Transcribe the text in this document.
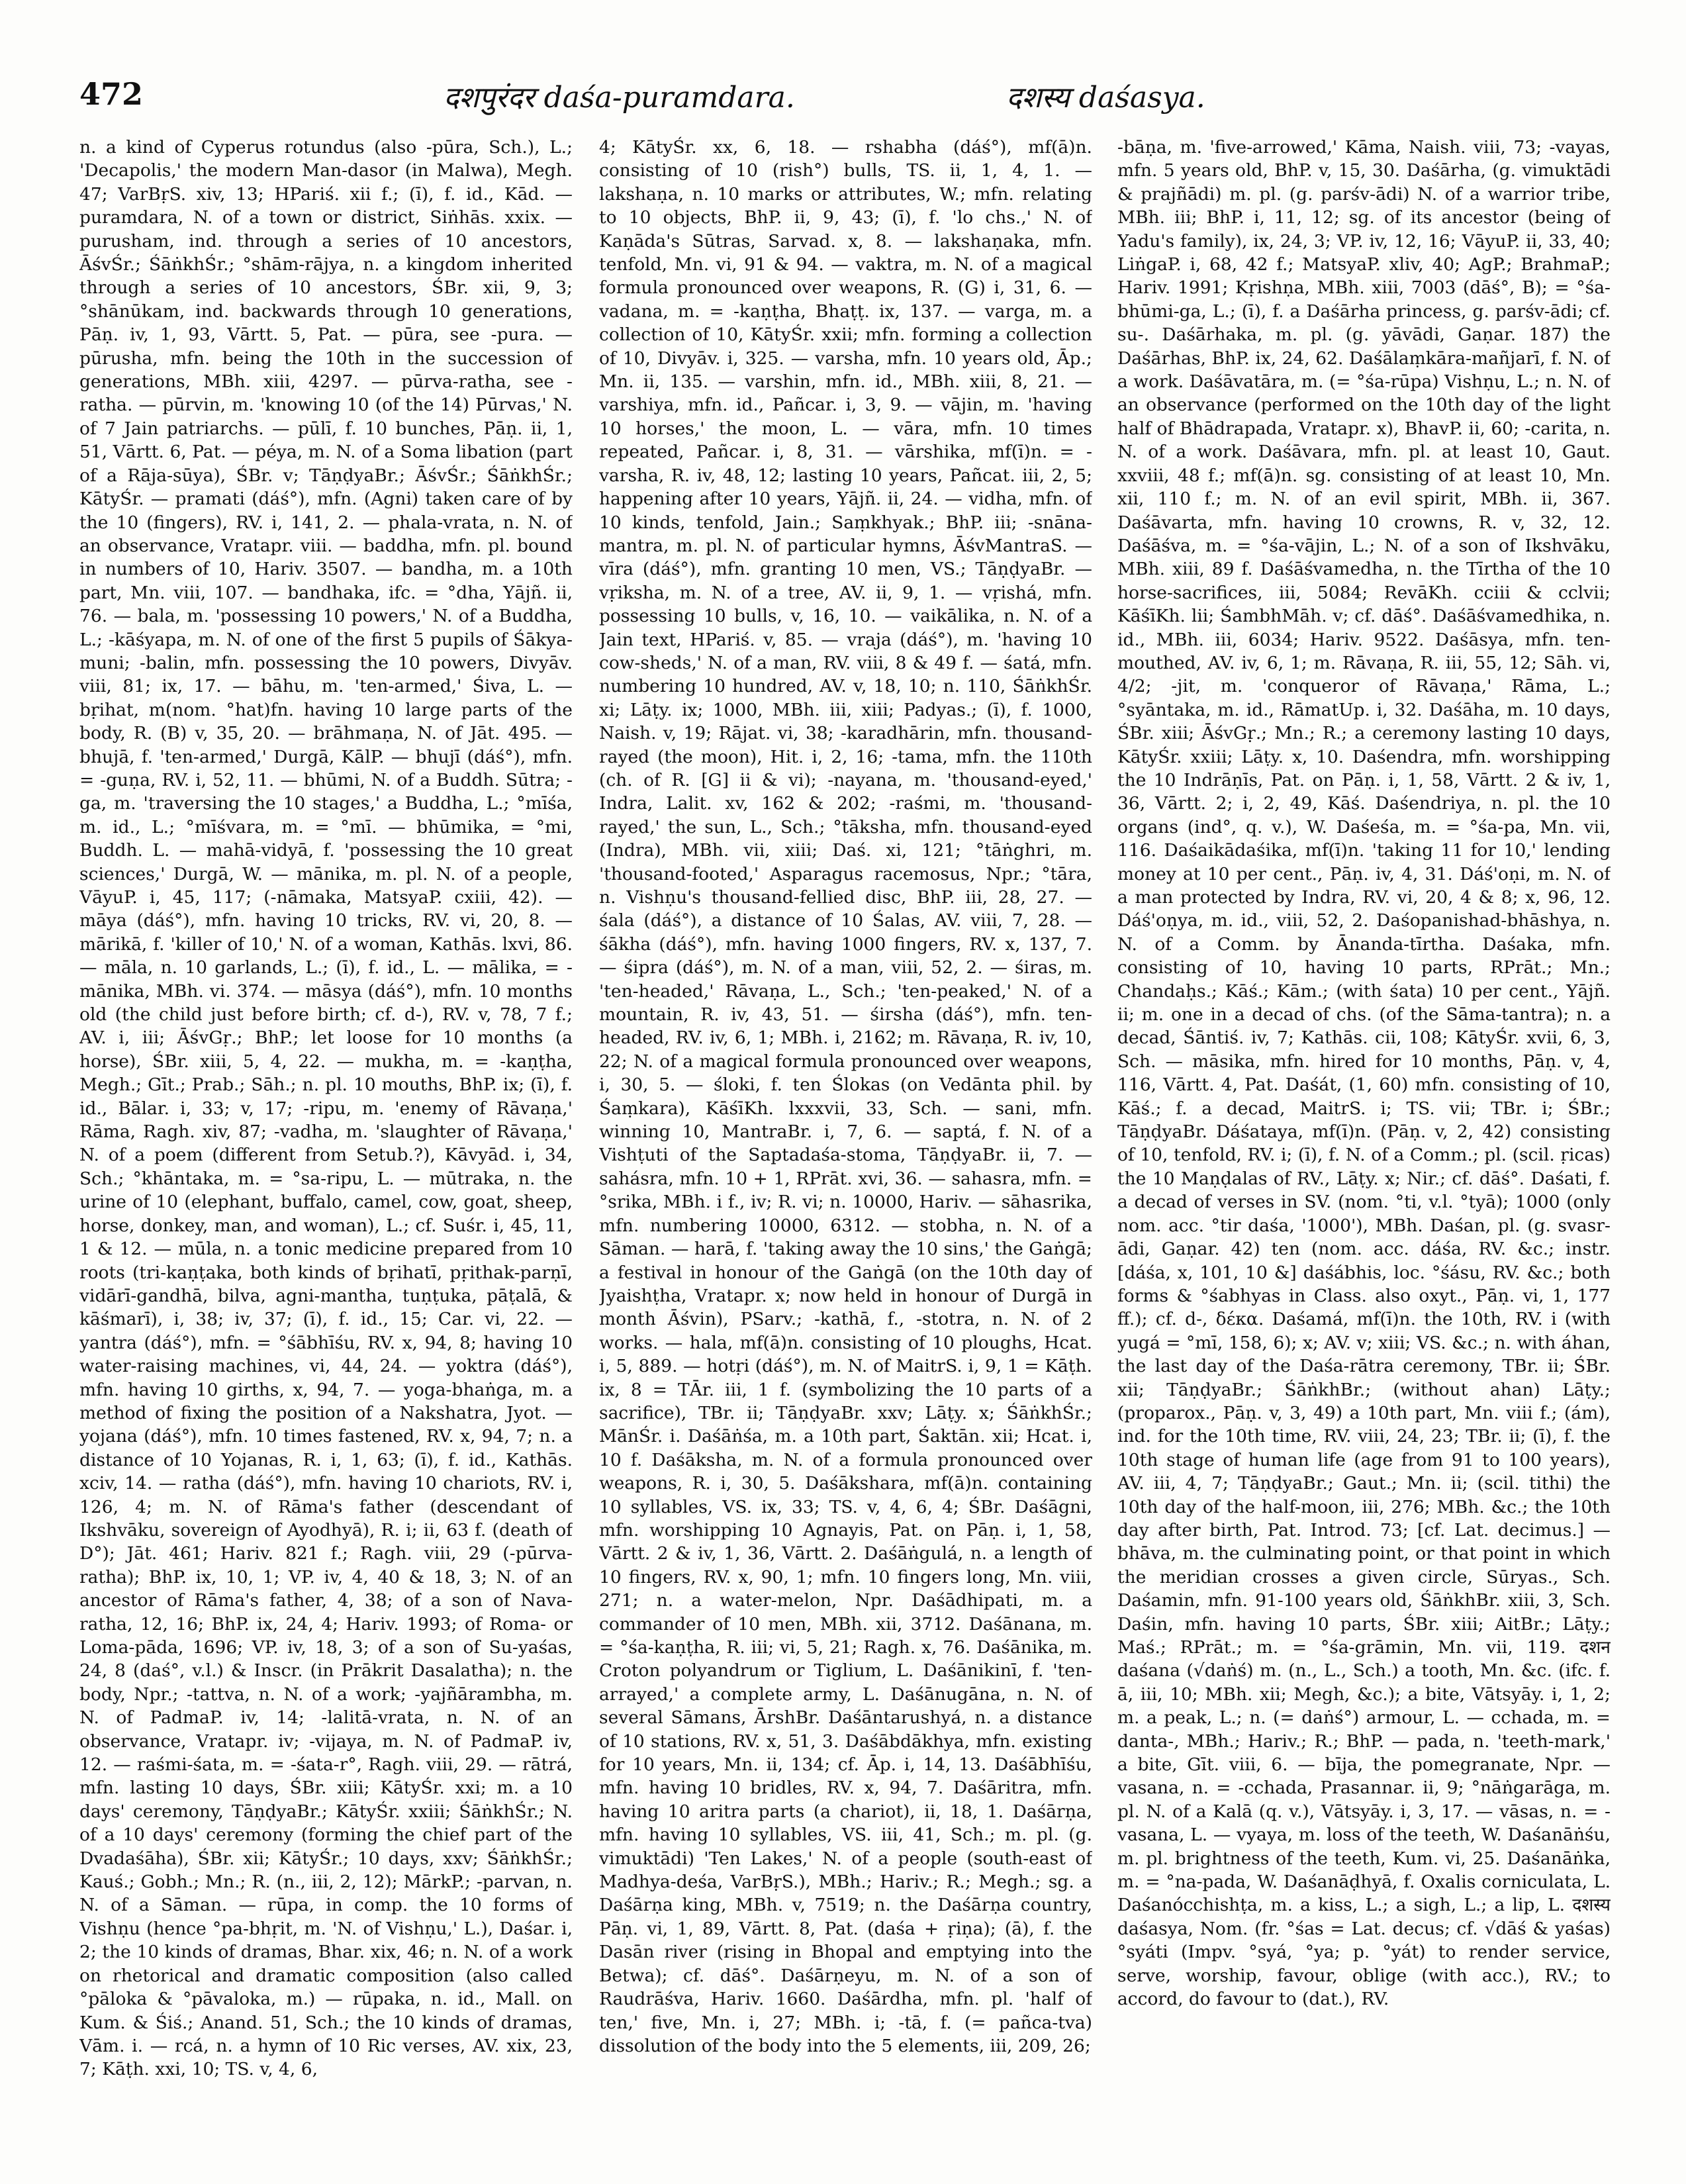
472	दशपुरंदर daśa-puramdara.	दशस्य daśasya.

n. a kind of Cyperus rotundus (also -pūra, Sch.), L.; 'Decapolis,' the modern Man-dasor (in Malwa), Megh. 47; VarBṛS. xiv, 13; HPariś. xii f.; (ī), f. id., Kād. — puramdara, N. of a town or district, Siṅhās. xxix. — purusham, ind. through a series of 10 ancestors, ĀśvŚr.; ŚāṅkhŚr.; °shām-rājya, n. a kingdom inherited through a series of 10 ancestors, ŚBr. xii, 9, 3; °shānūkam, ind. backwards through 10 generations, Pāṇ. iv, 1, 93, Vārtt. 5, Pat. — pūra, see -pura. — pūrusha, mfn. being the 10th in the succession of generations, MBh. xiii, 4297. — pūrva-ratha, see -ratha. — pūrvin, m. 'knowing 10 (of the 14) Pūrvas,' N. of 7 Jain patriarchs. — pūlī, f. 10 bunches, Pāṇ. ii, 1, 51, Vārtt. 6, Pat. — péya, m. N. of a Soma libation (part of a Rāja-sūya), ŚBr. v; TāṇḍyaBr.; ĀśvŚr.; ŚāṅkhŚr.; KātyŚr. — pramati (dáś°), mfn. (Agni) taken care of by the 10 (fingers), RV. i, 141, 2. — phala-vrata, n. N. of an observance, Vratapr. viii. — baddha, mfn. pl. bound in numbers of 10, Hariv. 3507. — bandha, m. a 10th part, Mn. viii, 107. — bandhaka, ifc. = °dha, Yājñ. ii, 76. — bala, m. 'possessing 10 powers,' N. of a Buddha, L.; -kāśyapa, m. N. of one of the first 5 pupils of Śākya-muni; -balin, mfn. possessing the 10 powers, Divyāv. viii, 81; ix, 17. — bāhu, m. 'ten-armed,' Śiva, L. — bṛihat, m(nom. °hat)fn. having 10 large parts of the body, R. (B) v, 35, 20. — brāhmaṇa, N. of Jāt. 495. — bhujā, f. 'ten-armed,' Durgā, KālP. — bhujī (dáś°), mfn. = -guṇa, RV. i, 52, 11. — bhūmi, N. of a Buddh. Sūtra; -ga, m. 'traversing the 10 stages,' a Buddha, L.; °mīśa, m. id., L.; °mīśvara, m. = °mī. — bhūmika, = °mi, Buddh. L. — mahā-vidyā, f. 'possessing the 10 great sciences,' Durgā, W. — mānika, m. pl. N. of a people, VāyuP. i, 45, 117; (-nāmaka, MatsyaP. cxiii, 42). — māya (dáś°), mfn. having 10 tricks, RV. vi, 20, 8. — mārikā, f. 'killer of 10,' N. of a woman, Kathās. lxvi, 86. — māla, n. 10 garlands, L.; (ī), f. id., L. — mālika, = -mānika, MBh. vi. 374. — māsya (dáś°), mfn. 10 months old (the child just before birth; cf. d-), RV. v, 78, 7 f.; AV. i, iii; ĀśvGṛ.; BhP.; let loose for 10 months (a horse), ŚBr. xiii, 5, 4, 22. — mukha, m. = -kaṇṭha, Megh.; Gīt.; Prab.; Sāh.; n. pl. 10 mouths, BhP. ix; (ī), f. id., Bālar. i, 33; v, 17; -ripu, m. 'enemy of Rāvaṇa,' Rāma, Ragh. xiv, 87; -vadha, m. 'slaughter of Rāvaṇa,' N. of a poem (different from Setub.?), Kāvyād. i, 34, Sch.; °khāntaka, m. = °sa-ripu, L. — mūtraka, n. the urine of 10 (elephant, buffalo, camel, cow, goat, sheep, horse, donkey, man, and woman), L.; cf. Suśr. i, 45, 11, 1 & 12. — mūla, n. a tonic medicine prepared from 10 roots (tri-kaṇṭaka, both kinds of bṛihatī, pṛithak-parṇī, vidārī-gandhā, bilva, agni-mantha, tuṇṭuka, pāṭalā, & kāśmarī), i, 38; iv, 37; (ī), f. id., 15; Car. vi, 22. — yantra (dáś°), mfn. = °śābhīśu, RV. x, 94, 8; having 10 water-raising machines, vi, 44, 24. — yoktra (dáś°), mfn. having 10 girths, x, 94, 7. — yoga-bhaṅga, m. a method of fixing the position of a Nakshatra, Jyot. — yojana (dáś°), mfn. 10 times fastened, RV. x, 94, 7; n. a distance of 10 Yojanas, R. i, 1, 63; (ī), f. id., Kathās. xciv, 14. — ratha (dáś°), mfn. having 10 chariots, RV. i, 126, 4; m. N. of Rāma's father (descendant of Ikshvāku, sovereign of Ayodhyā), R. i; ii, 63 f. (death of D°); Jāt. 461; Hariv. 821 f.; Ragh. viii, 29 (-pūrva-ratha); BhP. ix, 10, 1; VP. iv, 4, 40 & 18, 3; N. of an ancestor of Rāma's father, 4, 38; of a son of Nava-ratha, 12, 16; BhP. ix, 24, 4; Hariv. 1993; of Roma- or Loma-pāda, 1696; VP. iv, 18, 3; of a son of Su-yaśas, 24, 8 (daś°, v.l.) & Inscr. (in Prākrit Dasalatha); n. the body, Npr.; -tattva, n. N. of a work; -yajñārambha, m. N. of PadmaP. iv, 14; -lalitā-vrata, n. N. of an observance, Vratapr. iv; -vijaya, m. N. of PadmaP. iv, 12. — raśmi-śata, m. = -śata-r°, Ragh. viii, 29. — rātrá, mfn. lasting 10 days, ŚBr. xiii; KātyŚr. xxi; m. a 10 days' ceremony, TāṇḍyaBr.; KātyŚr. xxiii; ŚāṅkhŚr.; N. of a 10 days' ceremony (forming the chief part of the Dvadaśāha), ŚBr. xii; KātyŚr.; 10 days, xxv; ŚāṅkhŚr.; Kauś.; Gobh.; Mn.; R. (n., iii, 2, 12); MārkP.; -parvan, n. N. of a Sāman. — rūpa, in comp. the 10 forms of Vishṇu (hence °pa-bhṛit, m. 'N. of Vishṇu,' L.), Daśar. i, 2; the 10 kinds of dramas, Bhar. xix, 46; n. N. of a work on rhetorical and dramatic composition (also called °pāloka & °pāvaloka, m.) — rūpaka, n. id., Mall. on Kum. & Śiś.; Anand. 51, Sch.; the 10 kinds of dramas, Vām. i. — rcá, n. a hymn of 10 Ric verses, AV. xix, 23, 7; Kāṭh. xxi, 10; TS. v, 4, 6,

4; KātyŚr. xx, 6, 18. — rshabha (dáś°), mf(ā)n. consisting of 10 (rish°) bulls, TS. ii, 1, 4, 1. — lakshaṇa, n. 10 marks or attributes, W.; mfn. relating to 10 objects, BhP. ii, 9, 43; (ī), f. 'lo chs.,' N. of Kaṇāda's Sūtras, Sarvad. x, 8. — lakshaṇaka, mfn. tenfold, Mn. vi, 91 & 94. — vaktra, m. N. of a magical formula pronounced over weapons, R. (G) i, 31, 6. — vadana, m. = -kaṇṭha, Bhaṭṭ. ix, 137. — varga, m. a collection of 10, KātyŚr. xxii; mfn. forming a collection of 10, Divyāv. i, 325. — varsha, mfn. 10 years old, Āp.; Mn. ii, 135. — varshin, mfn. id., MBh. xiii, 8, 21. — varshiya, mfn. id., Pañcar. i, 3, 9. — vājin, m. 'having 10 horses,' the moon, L. — vāra, mfn. 10 times repeated, Pañcar. i, 8, 31. — vārshika, mf(ī)n. = -varsha, R. iv, 48, 12; lasting 10 years, Pañcat. iii, 2, 5; happening after 10 years, Yājñ. ii, 24. — vidha, mfn. of 10 kinds, tenfold, Jain.; Saṃkhyak.; BhP. iii; -snāna-mantra, m. pl. N. of particular hymns, ĀśvMantraS. — vīra (dáś°), mfn. granting 10 men, VS.; TāṇḍyaBr. — vṛiksha, m. N. of a tree, AV. ii, 9, 1. — vṛishá, mfn. possessing 10 bulls, v, 16, 10. — vaikālika, n. N. of a Jain text, HPariś. v, 85. — vraja (dáś°), m. 'having 10 cow-sheds,' N. of a man, RV. viii, 8 & 49 f. — śatá, mfn. numbering 10 hundred, AV. v, 18, 10; n. 110, ŚāṅkhŚr. xi; Lāṭy. ix; 1000, MBh. iii, xiii; Padyas.; (ī), f. 1000, Naish. v, 19; Rājat. vi, 38; -karadhārin, mfn. thousand-rayed (the moon), Hit. i, 2, 16; -tama, mfn. the 110th (ch. of R. [G] ii & vi); -nayana, m. 'thousand-eyed,' Indra, Lalit. xv, 162 & 202; -raśmi, m. 'thousand-rayed,' the sun, L., Sch.; °tāksha, mfn. thousand-eyed (Indra), MBh. vii, xiii; Daś. xi, 121; °tāṅghri, m. 'thousand-footed,' Asparagus racemosus, Npr.; °tāra, n. Vishṇu's thousand-fellied disc, BhP. iii, 28, 27. — śala (dáś°), a distance of 10 Śalas, AV. viii, 7, 28. — śākha (dáś°), mfn. having 1000 fingers, RV. x, 137, 7. — śipra (dáś°), m. N. of a man, viii, 52, 2. — śiras, m. 'ten-headed,' Rāvaṇa, L., Sch.; 'ten-peaked,' N. of a mountain, R. iv, 43, 51. — śirsha (dáś°), mfn. ten-headed, RV. iv, 6, 1; MBh. i, 2162; m. Rāvaṇa, R. iv, 10, 22; N. of a magical formula pronounced over weapons, i, 30, 5. — śloki, f. ten Ślokas (on Vedānta phil. by Śaṃkara), KāśīKh. lxxxvii, 33, Sch. — sani, mfn. winning 10, MantraBr. i, 7, 6. — saptá, f. N. of a Vishṭuti of the Saptadaśa-stoma, TāṇḍyaBr. ii, 7. — sahásra, mfn. 10 + 1, RPrāt. xvi, 36. — sahasra, mfn. = °srika, MBh. i f., iv; R. vi; n. 10000, Hariv. — sāhasrika, mfn. numbering 10000, 6312. — stobha, n. N. of a Sāman. — harā, f. 'taking away the 10 sins,' the Gaṅgā; a festival in honour of the Gaṅgā (on the 10th day of Jyaishṭha, Vratapr. x; now held in honour of Durgā in month Āśvin), PSarv.; -kathā, f., -stotra, n. N. of 2 works. — hala, mf(ā)n. consisting of 10 ploughs, Hcat. i, 5, 889. — hotṛi (dáś°), m. N. of MaitrS. i, 9, 1 = Kāṭh. ix, 8 = TĀr. iii, 1 f. (symbolizing the 10 parts of a sacrifice), TBr. ii; TāṇḍyaBr. xxv; Lāṭy. x; ŚāṅkhŚr.; MānŚr. i. Daśāṅśa, m. a 10th part, Śaktān. xii; Hcat. i, 10 f. Daśāksha, m. N. of a formula pronounced over weapons, R. i, 30, 5. Daśākshara, mf(ā)n. containing 10 syllables, VS. ix, 33; TS. v, 4, 6, 4; ŚBr. Daśāgni, mfn. worshipping 10 Agnayis, Pat. on Pāṇ. i, 1, 58, Vārtt. 2 & iv, 1, 36, Vārtt. 2. Daśāṅgulá, n. a length of 10 fingers, RV. x, 90, 1; mfn. 10 fingers long, Mn. viii, 271; n. a water-melon, Npr. Daśādhipati, m. a commander of 10 men, MBh. xii, 3712. Daśānana, m. = °śa-kaṇṭha, R. iii; vi, 5, 21; Ragh. x, 76. Daśānika, m. Croton polyandrum or Tiglium, L. Daśānikinī, f. 'ten-arrayed,' a complete army, L. Daśānugāna, n. N. of several Sāmans, ĀrshBr. Daśāntarushyá, n. a distance of 10 stations, RV. x, 51, 3. Daśābdākhya, mfn. existing for 10 years, Mn. ii, 134; cf. Āp. i, 14, 13. Daśābhīśu, mfn. having 10 bridles, RV. x, 94, 7. Daśāritra, mfn. having 10 aritra parts (a chariot), ii, 18, 1. Daśārṇa, mfn. having 10 syllables, VS. iii, 41, Sch.; m. pl. (g. vimuktādi) 'Ten Lakes,' N. of a people (south-east of Madhya-deśa, VarBṛS.), MBh.; Hariv.; R.; Megh.; sg. a Daśārṇa king, MBh. v, 7519; n. the Daśārṇa country, Pāṇ. vi, 1, 89, Vārtt. 8, Pat. (daśa + ṛiṇa); (ā), f. the Dasān river (rising in Bhopal and emptying into the Betwa); cf. dāś°. Daśārṇeyu, m. N. of a son of Raudrāśva, Hariv. 1660. Daśārdha, mfn. pl. 'half of ten,' five, Mn. i, 27; MBh. i; -tā, f. (= pañca-tva) dissolution of the body into the 5 elements, iii, 209, 26;

-bāṇa, m. 'five-arrowed,' Kāma, Naish. viii, 73; -vayas, mfn. 5 years old, BhP. v, 15, 30. Daśārha, (g. vimuktādi & prajñādi) m. pl. (g. parśv-ādi) N. of a warrior tribe, MBh. iii; BhP. i, 11, 12; sg. of its ancestor (being of Yadu's family), ix, 24, 3; VP. iv, 12, 16; VāyuP. ii, 33, 40; LiṅgaP. i, 68, 42 f.; MatsyaP. xliv, 40; AgP.; BrahmaP.; Hariv. 1991; Kṛishṇa, MBh. xiii, 7003 (dāś°, B); = °śa-bhūmi-ga, L.; (ī), f. a Daśārha princess, g. parśv-ādi; cf. su-. Daśārhaka, m. pl. (g. yāvādi, Gaṇar. 187) the Daśārhas, BhP. ix, 24, 62. Daśālaṃkāra-mañjarī, f. N. of a work. Daśāvatāra, m. (= °śa-rūpa) Vishṇu, L.; n. N. of an observance (performed on the 10th day of the light half of Bhādrapada, Vratapr. x), BhavP. ii, 60; -carita, n. N. of a work. Daśāvara, mfn. pl. at least 10, Gaut. xxviii, 48 f.; mf(ā)n. sg. consisting of at least 10, Mn. xii, 110 f.; m. N. of an evil spirit, MBh. ii, 367. Daśāvarta, mfn. having 10 crowns, R. v, 32, 12. Daśāśva, m. = °śa-vājin, L.; N. of a son of Ikshvāku, MBh. xiii, 89 f. Daśāśvamedha, n. the Tīrtha of the 10 horse-sacrifices, iii, 5084; RevāKh. cciii & cclvii; KāśīKh. lii; ŚambhMāh. v; cf. dāś°. Daśāśvamedhika, n. id., MBh. iii, 6034; Hariv. 9522. Daśāsya, mfn. ten-mouthed, AV. iv, 6, 1; m. Rāvaṇa, R. iii, 55, 12; Sāh. vi, 4/2; -jit, m. 'conqueror of Rāvaṇa,' Rāma, L.; °syāntaka, m. id., RāmatUp. i, 32. Daśāha, m. 10 days, ŚBr. xiii; ĀśvGṛ.; Mn.; R.; a ceremony lasting 10 days, KātyŚr. xxiii; Lāṭy. x, 10. Daśendra, mfn. worshipping the 10 Indrāṇīs, Pat. on Pāṇ. i, 1, 58, Vārtt. 2 & iv, 1, 36, Vārtt. 2; i, 2, 49, Kāś. Daśendriya, n. pl. the 10 organs (ind°, q. v.), W. Daśeśa, m. = °śa-pa, Mn. vii, 116. Daśaikādaśika, mf(ī)n. 'taking 11 for 10,' lending money at 10 per cent., Pāṇ. iv, 4, 31. Dáś'oṇi, m. N. of a man protected by Indra, RV. vi, 20, 4 & 8; x, 96, 12. Dáś'oṇya, m. id., viii, 52, 2. Daśopanishad-bhāshya, n. N. of a Comm. by Ānanda-tīrtha. Daśaka, mfn. consisting of 10, having 10 parts, RPrāt.; Mn.; Chandaḥs.; Kāś.; Kām.; (with śata) 10 per cent., Yājñ. ii; m. one in a decad of chs. (of the Sāma-tantra); n. a decad, Śāntiś. iv, 7; Kathās. cii, 108; KātyŚr. xvii, 6, 3, Sch. — māsika, mfn. hired for 10 months, Pāṇ. v, 4, 116, Vārtt. 4, Pat. Daśát, (1, 60) mfn. consisting of 10, Kāś.; f. a decad, MaitrS. i; TS. vii; TBr. i; ŚBr.; TāṇḍyaBr. Dáśataya, mf(ī)n. (Pāṇ. v, 2, 42) consisting of 10, tenfold, RV. i; (ī), f. N. of a Comm.; pl. (scil. ṛicas) the 10 Maṇḍalas of RV., Lāṭy. x; Nir.; cf. dāś°. Daśati, f. a decad of verses in SV. (nom. °ti, v.l. °tyā); 1000 (only nom. acc. °tir daśa, '1000'), MBh. Daśan, pl. (g. svasr-ādi, Gaṇar. 42) ten (nom. acc. dáśa, RV. &c.; instr. [dáśa, x, 101, 10 &] daśábhis, loc. °śásu, RV. &c.; both forms & °śabhyas in Class. also oxyt., Pāṇ. vi, 1, 177 ff.); cf. d-, δέκα. Daśamá, mf(ī)n. the 10th, RV. i (with yugá = °mī, 158, 6); x; AV. v; xiii; VS. &c.; n. with áhan, the last day of the Daśa-rātra ceremony, TBr. ii; ŚBr. xii; TāṇḍyaBr.; ŚāṅkhBr.; (without ahan) Lāṭy.; (proparox., Pāṇ. v, 3, 49) a 10th part, Mn. viii f.; (ám), ind. for the 10th time, RV. viii, 24, 23; TBr. ii; (ī), f. the 10th stage of human life (age from 91 to 100 years), AV. iii, 4, 7; TāṇḍyaBr.; Gaut.; Mn. ii; (scil. tithi) the 10th day of the half-moon, iii, 276; MBh. &c.; the 10th day after birth, Pat. Introd. 73; [cf. Lat. decimus.] — bhāva, m. the culminating point, or that point in which the meridian crosses a given circle, Sūryas., Sch. Daśamin, mfn. 91-100 years old, ŚāṅkhBr. xiii, 3, Sch. Daśin, mfn. having 10 parts, ŚBr. xiii; AitBr.; Lāṭy.; Maś.; RPrāt.; m. = °śa-grāmin, Mn. vii, 119. दशन daśana (√daṅś) m. (n., L., Sch.) a tooth, Mn. &c. (ifc. f. ā, iii, 10; MBh. xii; Megh, &c.); a bite, Vātsyāy. i, 1, 2; m. a peak, L.; n. (= daṅś°) armour, L. — cchada, m. = danta-, MBh.; Hariv.; R.; BhP. — pada, n. 'teeth-mark,' a bite, Gīt. viii, 6. — bīja, the pomegranate, Npr. — vasana, n. = -cchada, Prasannar. ii, 9; °nāṅgarāga, m. pl. N. of a Kalā (q. v.), Vātsyāy. i, 3, 17. — vāsas, n. = -vasana, L. — vyaya, m. loss of the teeth, W. Daśanāṅśu, m. pl. brightness of the teeth, Kum. vi, 25. Daśanāṅka, m. = °na-pada, W. Daśanāḍhyā, f. Oxalis corniculata, L. Daśanócchishṭa, m. a kiss, L.; a sigh, L.; a lip, L. दशस्य daśasya, Nom. (fr. °śas = Lat. decus; cf. √dāś & yaśas) °syáti (Impv. °syá, °ya; p. °yát) to render service, serve, worship, favour, oblige (with acc.), RV.; to accord, do favour to (dat.), RV.
